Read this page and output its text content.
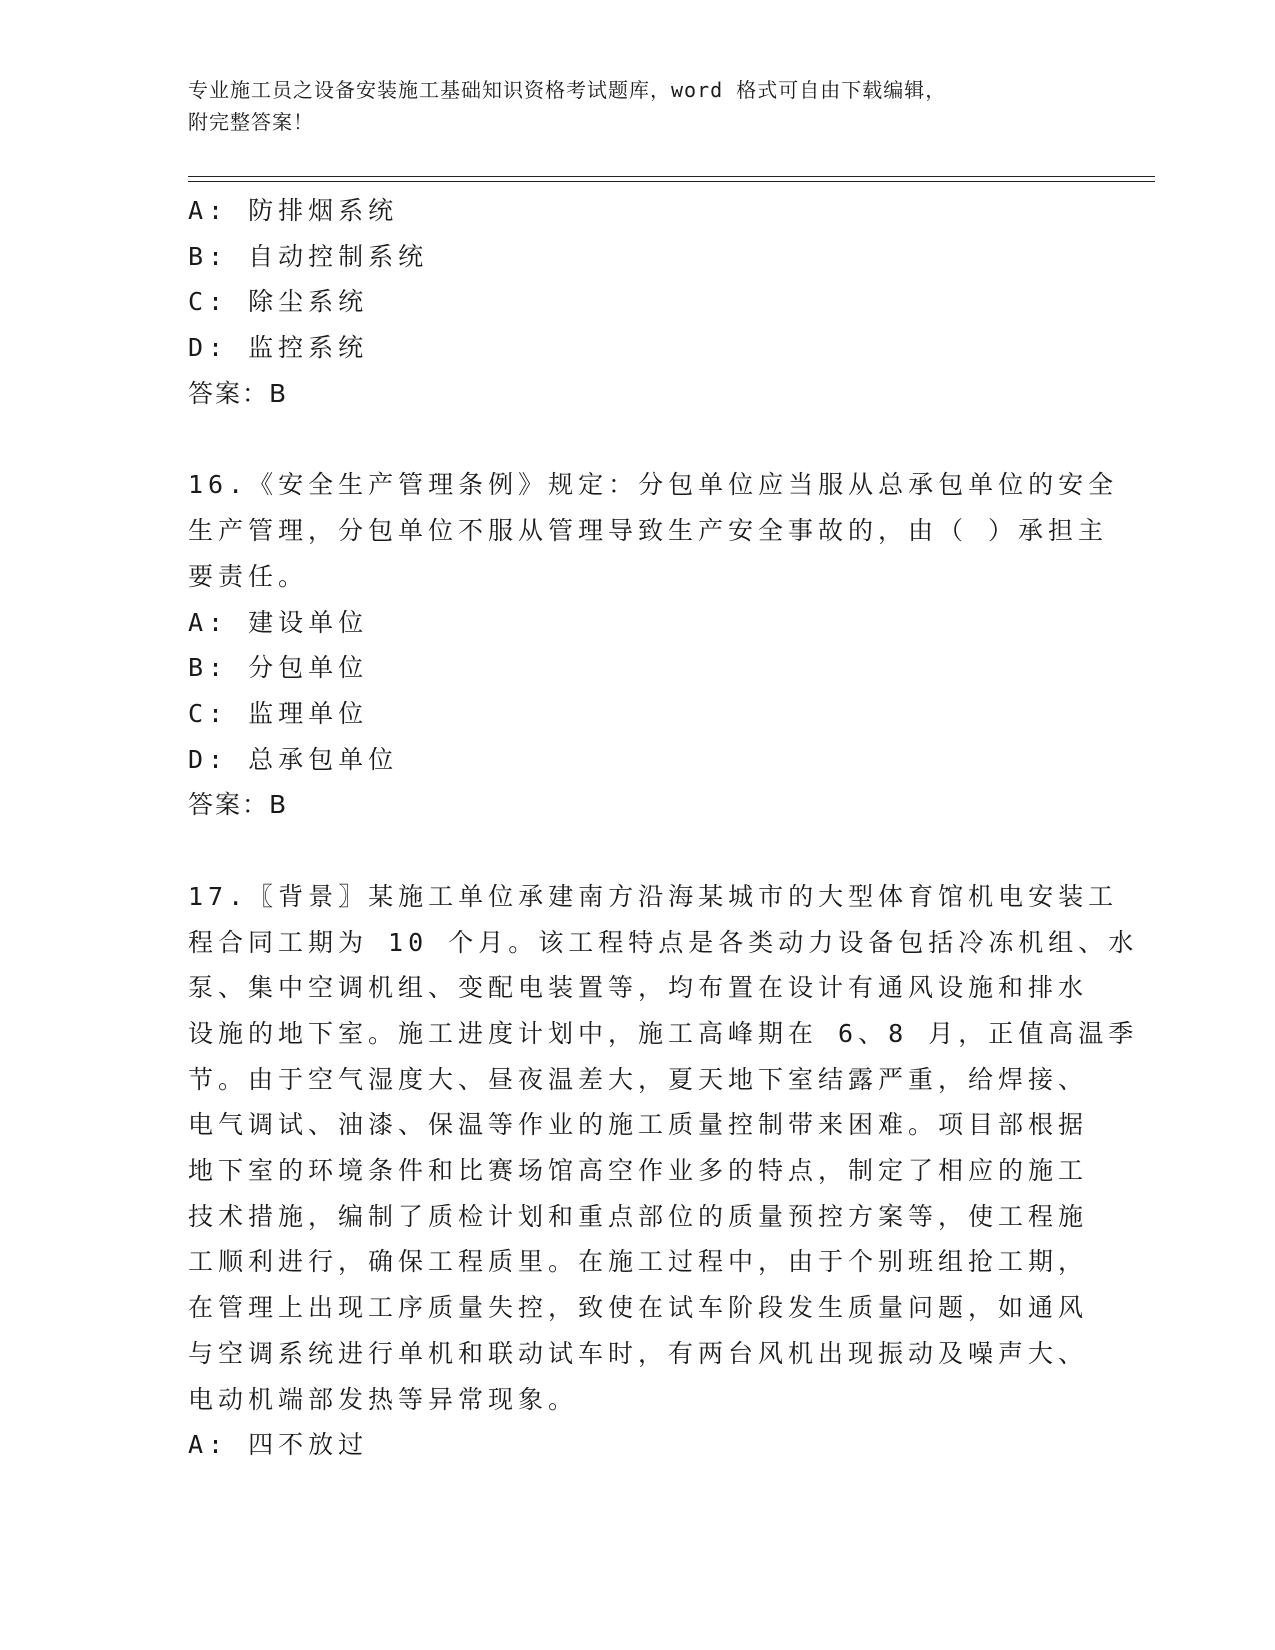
专业施工员之设备安装施工基础知识资格考试题库，word 格式可自由下载编辑，
附完整答案！
A: 防排烟系统
B: 自动控制系统
C: 除尘系统
D: 监控系统
答案：B
16.《安全生产管理条例》规定：分包单位应当服从总承包单位的安全
生产管理，分包单位不服从管理导致生产安全事故的，由（ ）承担主
要责任。
A: 建设单位
B: 分包单位
C: 监理单位
D: 总承包单位
答案：B
17.〖背景〗某施工单位承建南方沿海某城市的大型体育馆机电安装工
程合同工期为 10 个月。该工程特点是各类动力设备包括冷冻机组、水
泵、集中空调机组、变配电装置等，均布置在设计有通风设施和排水
设施的地下室。施工进度计划中，施工高峰期在 6、8 月，正值高温季
节。由于空气湿度大、昼夜温差大，夏天地下室结露严重，给焊接、
电气调试、油漆、保温等作业的施工质量控制带来困难。项目部根据
地下室的环境条件和比赛场馆高空作业多的特点，制定了相应的施工
技术措施，编制了质检计划和重点部位的质量预控方案等，使工程施
工顺利进行，确保工程质里。在施工过程中，由于个别班组抢工期，
在管理上出现工序质量失控，致使在试车阶段发生质量问题，如通风
与空调系统进行单机和联动试车时，有两台风机出现振动及噪声大、
电动机端部发热等异常现象。
A: 四不放过
